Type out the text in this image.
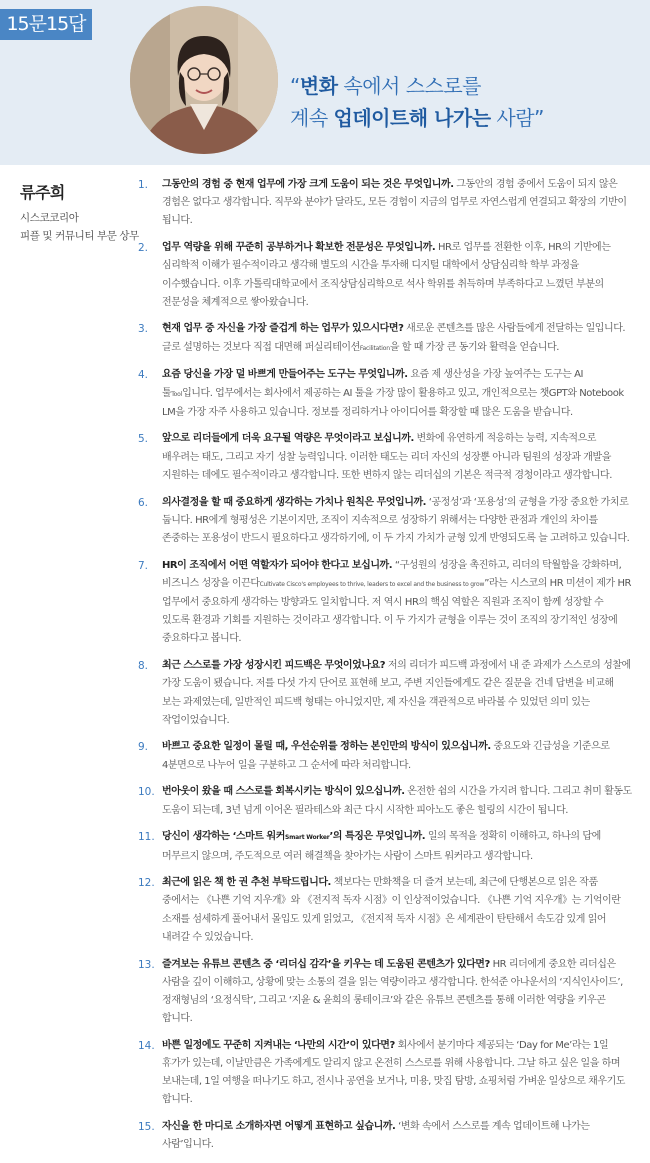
15문15답
“변화 속에서 스스로를
계속 업데이트해 나가는 사람”
류주희
시스코코리아
피플 및 커뮤니티 부문 상무
1.	그동안의 경험 중 현재 업무에 가장 크게 도움이 되는 것은 무엇입니까. 그동안의 경험 중에서 도움이 되지 않은 경험은 없다고 생각합니다. 직무와 분야가 달라도, 모든 경험이 지금의 업무로 자연스럽게 연결되고 확장의 기반이 됩니다.
2.	업무 역량을 위해 꾸준히 공부하거나 확보한 전문성은 무엇입니까. HR로 업무를 전환한 이후, HR의 기반에는 심리학적 이해가 필수적이라고 생각해 별도의 시간을 투자해 디지털 대학에서 상담심리학 학부 과정을 이수했습니다. 이후 가톨릭대학교에서 조직상담심리학으로 석사 학위를 취득하며 부족하다고 느꼈던 부분의 전문성을 체계적으로 쌓아왔습니다.
3.	현재 업무 중 자신을 가장 즐겁게 하는 업무가 있으시다면? 새로운 콘텐츠를 많은 사람들에게 전달하는 일입니다. 글로 설명하는 것보다 직접 대면해 퍼실리테이션Facilitation을 할 때 가장 큰 동기와 활력을 얻습니다.
4.	요즘 당신을 가장 덜 바쁘게 만들어주는 도구는 무엇입니까. 요즘 제 생산성을 가장 높여주는 도구는 AI 툴Tool입니다. 업무에서는 회사에서 제공하는 AI 툴을 가장 많이 활용하고 있고, 개인적으로는 챗GPT와 Notebook LM을 가장 자주 사용하고 있습니다. 정보를 정리하거나 아이디어를 확장할 때 많은 도움을 받습니다.
5.	앞으로 리더들에게 더욱 요구될 역량은 무엇이라고 보십니까. 변화에 유연하게 적응하는 능력, 지속적으로 배우려는 태도, 그리고 자기 성찰 능력입니다. 이러한 태도는 리더 자신의 성장뿐 아니라 팀원의 성장과 개발을 지원하는 데에도 필수적이라고 생각합니다. 또한 변하지 않는 리더십의 기본은 적극적 경청이라고 생각합니다.
6.	의사결정을 할 때 중요하게 생각하는 가치나 원칙은 무엇입니까. ‘공정성’과 ‘포용성’의 균형을 가장 중요한 가치로 둡니다. HR에게 형평성은 기본이지만, 조직이 지속적으로 성장하기 위해서는 다양한 관점과 개인의 차이를 존중하는 포용성이 반드시 필요하다고 생각하기에, 이 두 가지 가치가 균형 있게 반영되도록 늘 고려하고 있습니다.
7.	HR이 조직에서 어떤 역할자가 되어야 한다고 보십니까. “구성원의 성장을 촉진하고, 리더의 탁월함을 강화하며, 비즈니스 성장을 이끈다Cultivate Cisco's employees to thrive, leaders to excel and the business to grow”라는 시스코의 HR 미션이 제가 HR 업무에서 중요하게 생각하는 방향과도 일치합니다. 저 역시 HR의 핵심 역할은 직원과 조직이 함께 성장할 수 있도록 환경과 기회를 지원하는 것이라고 생각합니다. 이 두 가지가 균형을 이루는 것이 조직의 장기적인 성장에 중요하다고 봅니다.
8.	최근 스스로를 가장 성장시킨 피드백은 무엇이었나요? 저의 리더가 피드백 과정에서 내 준 과제가 스스로의 성찰에 가장 도움이 됐습니다. 저를 다섯 가지 단어로 표현해 보고, 주변 지인들에게도 같은 질문을 건네 답변을 비교해 보는 과제였는데, 일반적인 피드백 형태는 아니었지만, 제 자신을 객관적으로 바라볼 수 있었던 의미 있는 작업이었습니다.
9.	바쁘고 중요한 일정이 몰릴 때, 우선순위를 정하는 본인만의 방식이 있으십니까. 중요도와 긴급성을 기준으로 4분면으로 나누어 일을 구분하고 그 순서에 따라 처리합니다.
10. 번아웃이 왔을 때 스스로를 회복시키는 방식이 있으십니까. 온전한 쉼의 시간을 가지려 합니다. 그리고 취미 활동도 도움이 되는데, 3년 넘게 이어온 필라테스와 최근 다시 시작한 피아노도 좋은 힐링의 시간이 됩니다.
11. 당신이 생각하는 ‘스마트 워커Smart Worker’의 특징은 무엇입니까. 일의 목적을 정확히 이해하고, 하나의 답에 머무르지 않으며, 주도적으로 여러 해결책을 찾아가는 사람이 스마트 워커라고 생각합니다.
12. 최근에 읽은 책 한 권 추천 부탁드립니다. 책보다는 만화책을 더 즐겨 보는데, 최근에 단행본으로 읽은 작품 중에서는 《나쁜 기억 지우개》와 《전지적 독자 시점》이 인상적이었습니다. 《나쁜 기억 지우개》는 기억이란 소재를 섬세하게 풀어내서 몰입도 있게 읽었고, 《전지적 독자 시점》은 세계관이 탄탄해서 속도감 있게 읽어 내려갈 수 있었습니다.
13. 즐겨보는 유튜브 콘텐츠 중 ‘리더십 감각’을 키우는 데 도움된 콘텐츠가 있다면? HR 리더에게 중요한 리더십은 사람을 깊이 이해하고, 상황에 맞는 소통의 결을 읽는 역량이라고 생각합니다. 한석준 아나운서의 ‘지식인사이드’, 정재형님의 ‘요정식탁’, 그리고 ‘지윤 & 윤희의 롱테이크’와 같은 유튜브 콘텐츠를 통해 이러한 역량을 키우곤 합니다.
14. 바쁜 일정에도 꾸준히 지켜내는 ‘나만의 시간’이 있다면? 회사에서 분기마다 제공되는 ‘Day for Me’라는 1일 휴가가 있는데, 이날만큼은 가족에게도 알리지 않고 온전히 스스로를 위해 사용합니다. 그날 하고 싶은 일을 하며 보내는데, 1일 여행을 떠나기도 하고, 전시나 공연을 보거나, 미용, 맛집 탐방, 쇼핑처럼 가벼운 일상으로 채우기도 합니다.
15. 자신을 한 마디로 소개하자면 어떻게 표현하고 싶습니까. ‘변화 속에서 스스로를 계속 업데이트해 나가는 사람’입니다.
